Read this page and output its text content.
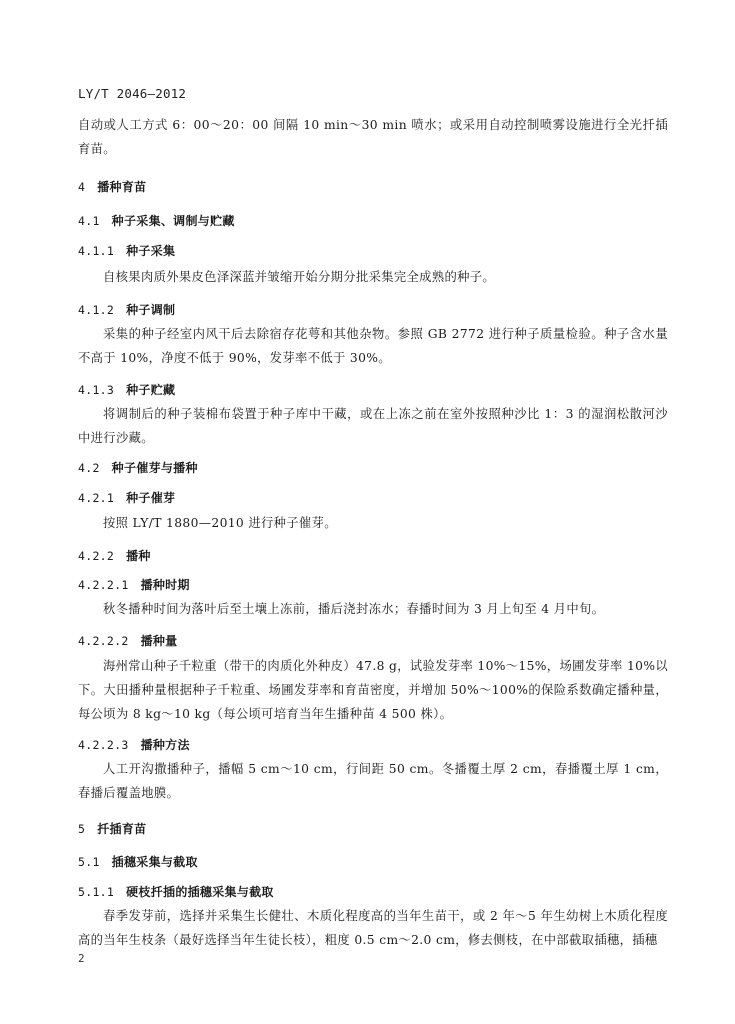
LY/T 2046—2012

自动或人工方式 6：00～20：00 间隔 10 min～30 min 喷水；或采用自动控制喷雾设施进行全光扦插育苗。

4 播种育苗
4.1 种子采集、调制与贮藏
4.1.1 种子采集

自核果肉质外果皮色泽深蓝并皱缩开始分期分批采集完全成熟的种子。

4.1.2 种子调制

采集的种子经室内风干后去除宿存花萼和其他杂物。参照 GB 2772 进行种子质量检验。种子含水量不高于 10%，净度不低于 90%，发芽率不低于 30%。

4.1.3 种子贮藏

将调制后的种子装棉布袋置于种子库中干藏，或在上冻之前在室外按照种沙比 1：3 的湿润松散河沙中进行沙藏。

4.2 种子催芽与播种
4.2.1 种子催芽

按照 LY/T 1880—2010 进行种子催芽。

4.2.2 播种
4.2.2.1 播种时期

秋冬播种时间为落叶后至土壤上冻前，播后浇封冻水；春播时间为 3 月上旬至 4 月中旬。

4.2.2.2 播种量

海州常山种子千粒重（带干的肉质化外种皮）47.8 g，试验发芽率 10%～15%，场圃发芽率 10%以下。大田播种量根据种子千粒重、场圃发芽率和育苗密度，并增加 50%～100%的保险系数确定播种量，每公顷为 8 kg～10 kg（每公顷可培育当年生播种苗 4 500 株）。

4.2.2.3 播种方法

人工开沟撒播种子，播幅 5 cm～10 cm，行间距 50 cm。冬播覆土厚 2 cm，春播覆土厚 1 cm，春播后覆盖地膜。

5 扦插育苗
5.1 插穗采集与截取
5.1.1 硬枝扦插的插穗采集与截取

春季发芽前，选择并采集生长健壮、木质化程度高的当年生苗干，或 2 年～5 年生幼树上木质化程度高的当年生枝条（最好选择当年生徒长枝），粗度 0.5 cm～2.0 cm，修去侧枝，在中部截取插穗，插穗

2
